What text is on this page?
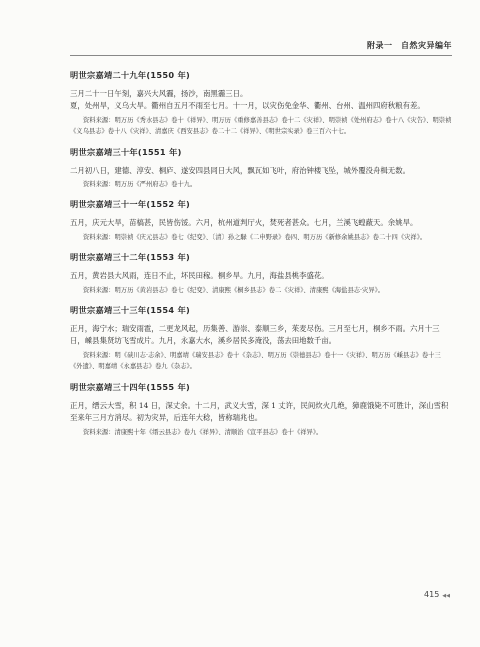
附录一　自然灾异编年
明世宗嘉靖二十九年(1550 年)

三月二十一日午刻，嘉兴大风霾，扬沙，南黑霾三日。

夏，处州旱，义乌大旱。衢州自五月不雨至七月。十一月，以灾伤免金华、衢州、台州、温州四府秋粮有差。

资料来源：明万历《秀水县志》卷十《祥异》、明万历《重修嘉善县志》卷十二《灾祥》、明崇祯《处州府志》卷十八《灾告》、明崇祯《义乌县志》卷十八《灾祥》、清嘉庆《西安县志》卷二十二《祥异》、《明世宗实录》卷三百六十七。

明世宗嘉靖三十年(1551 年)

二月初八日，建德、淳安、桐庐、遂安四县同日大风，飘瓦如飞叶，府治钟楼飞坠，城外覆没舟楫无数。

资料来源：明万历《严州府志》卷十九。

明世宗嘉靖三十一年(1552 年)

五月，庆元大旱，苗槁甚，民皆伤馁。六月，杭州道判厅火，焚死者甚众。七月，兰溪飞蝗蔽天。余姚旱。

资料来源：明崇祯《庆元县志》卷七《纪变》、〔清〕孙之騄《二申野录》卷四、明万历《新修余姚县志》卷二十四《灾祥》。

明世宗嘉靖三十二年(1553 年)

五月，黄岩县大风雨，连日不止，坏民田稼。桐乡旱。九月，海盐县桃李盛花。

资料来源：明万历《黄岩县志》卷七《纪变》、清康熙《桐乡县志》卷二《灾祥》、清康熙《海盐县志·灾异》。

明世宗嘉靖三十三年(1554 年)

正月，海宁水；瑞安雨雹，二更龙风起，历集善、游崇、泰顺三乡，茱麦尽伤。三月至七月，桐乡不雨。六月十三日，嵊县集贤坊飞雪成片。九月，永嘉大水，溪乡居民多淹没，荡去田地数千亩。

资料来源：明《硖川志·志余》、明嘉靖《瑞安县志》卷十《杂志》、明万历《崇德县志》卷十一《灾祥》、明万历《嵊县志》卷十三《外遗》、明嘉靖《永嘉县志》卷九《杂志》。

明世宗嘉靖三十四年(1555 年)

正月，缙云大雪，积 14 日，深丈余。十二月，武义大雪，深 1 丈许，民间炊火几绝，獐鹿饿毙不可胜计，深山雪积至来年三月方消尽。初为灾异，后连年大稔，皆称瑞兆也。

资料来源：清康熙十年《缙云县志》卷九《祥异》、清顺治《宣平县志》卷十《祥异》。

415 ◀◀
